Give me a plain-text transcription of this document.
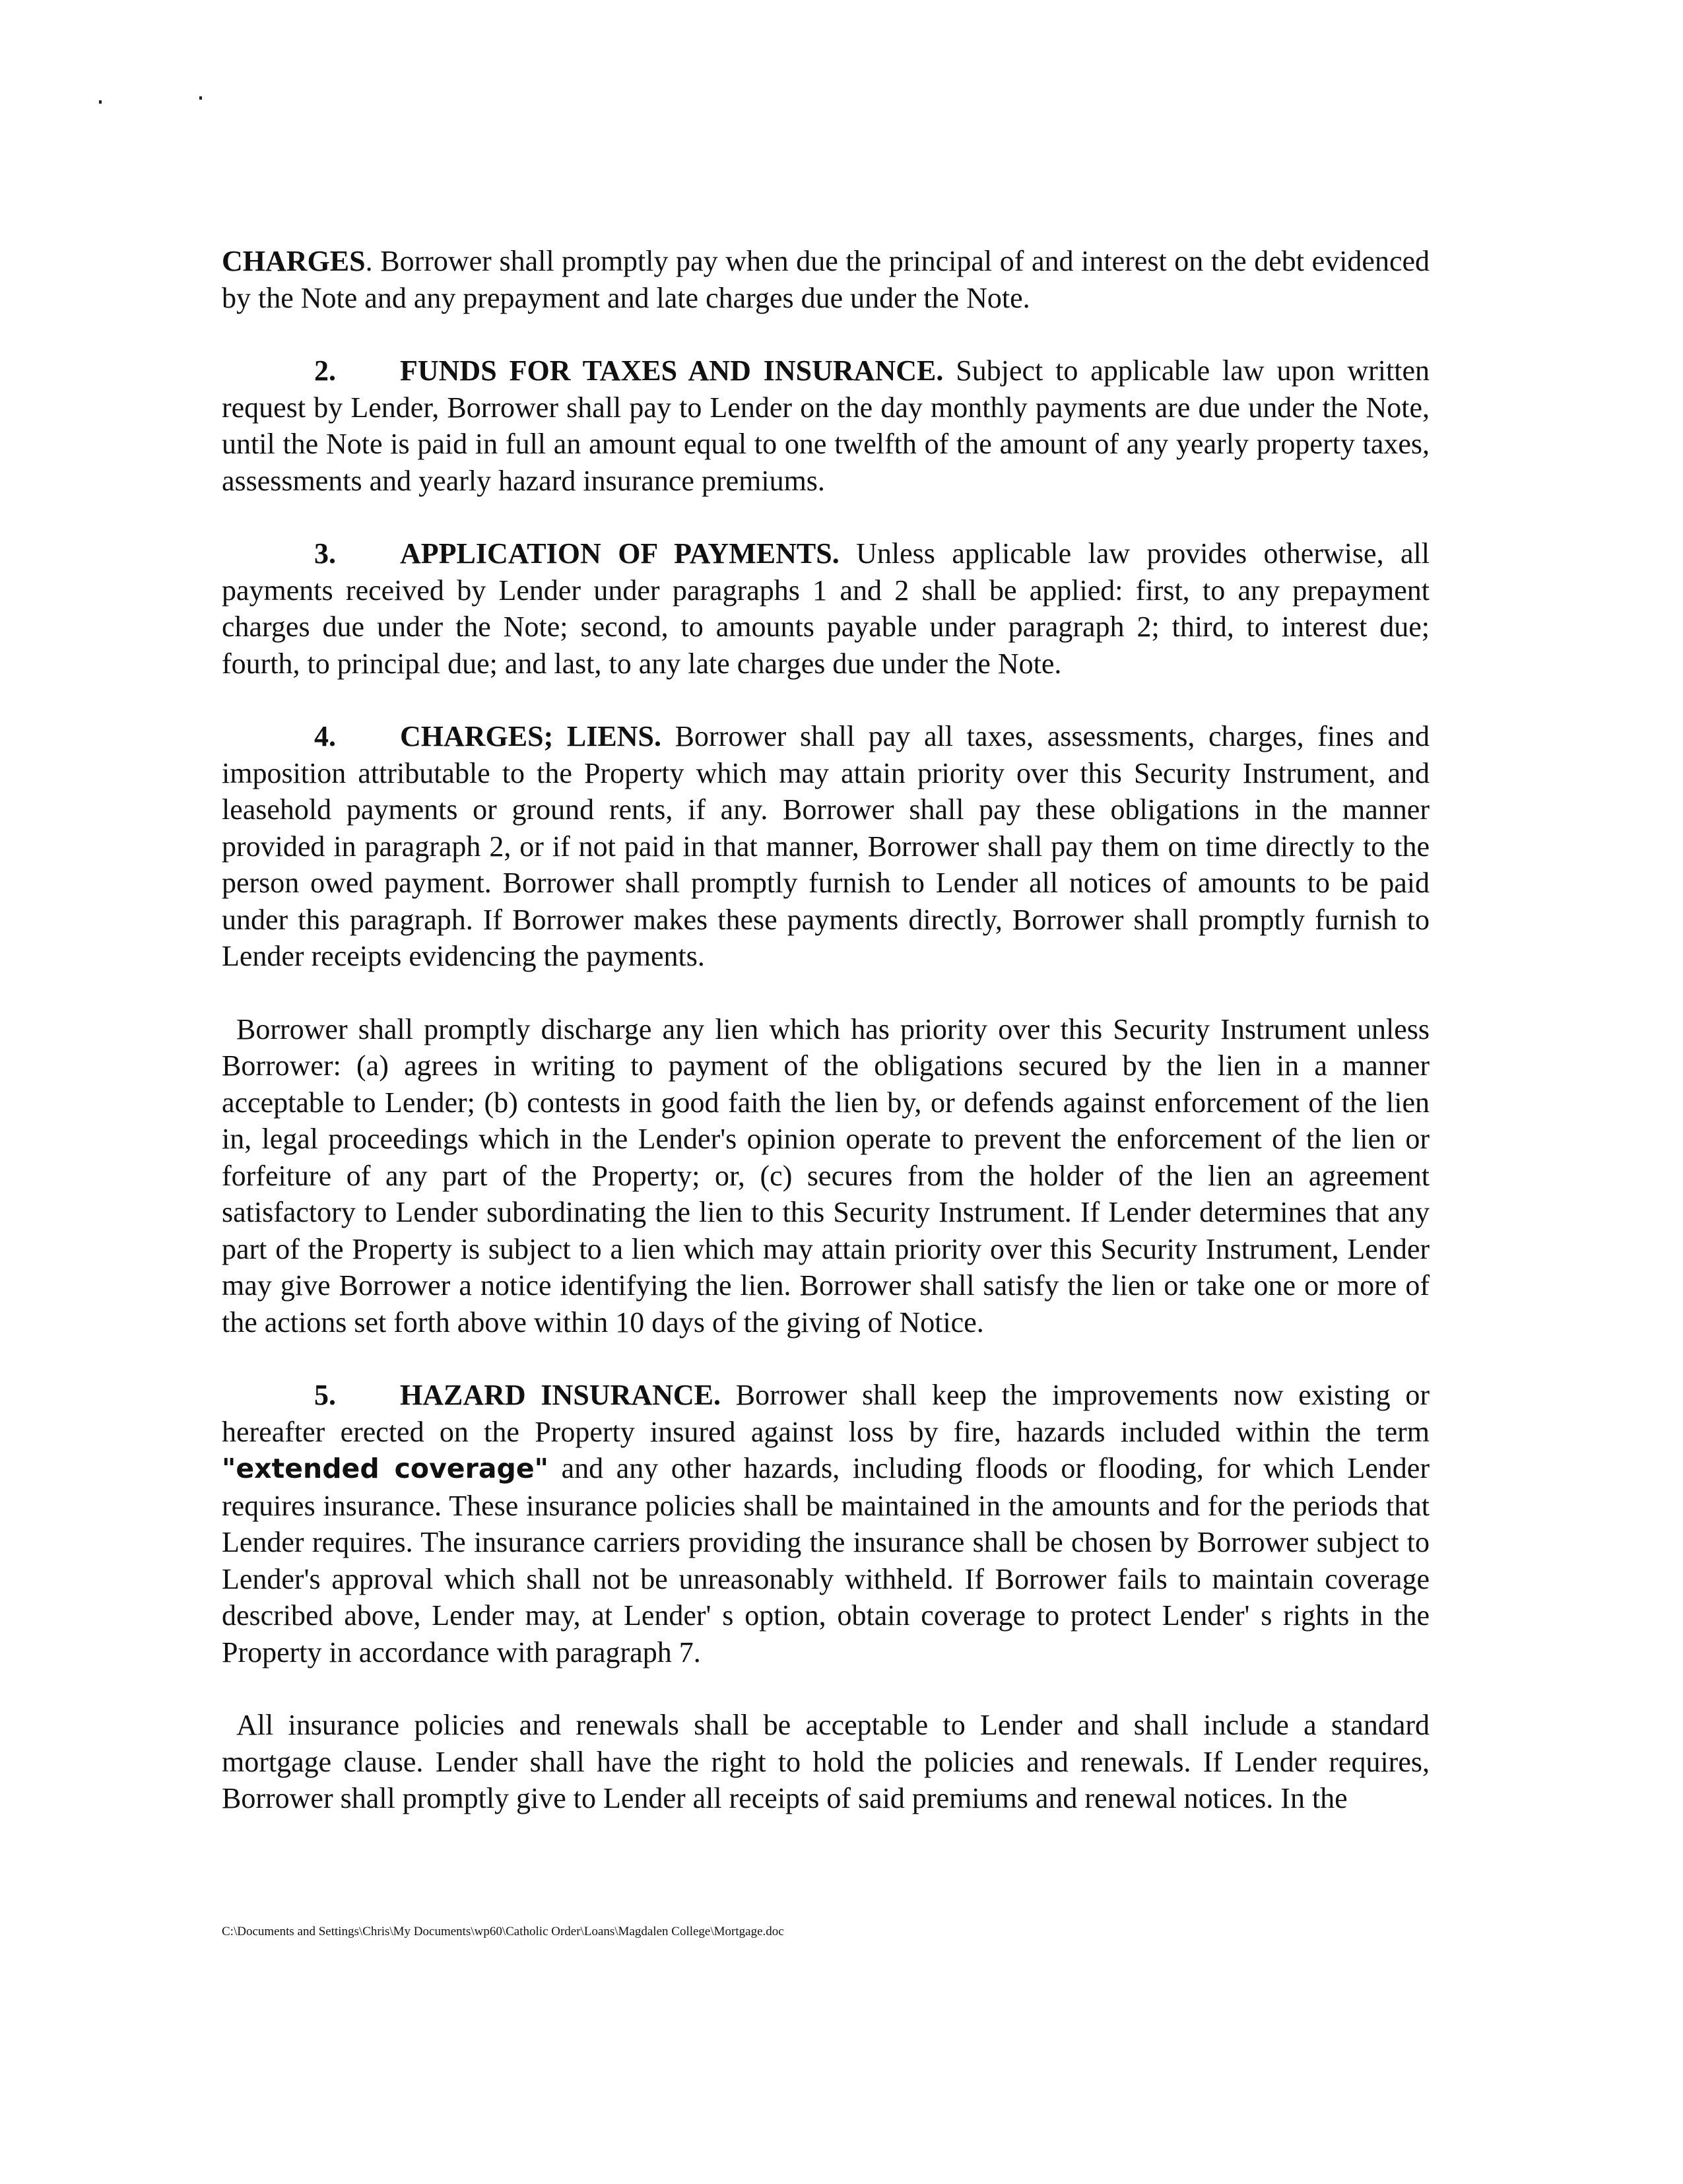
CHARGES. Borrower shall promptly pay when due the principal of and interest on the debt evidenced by the Note and any prepayment and late charges due under the Note.

2. FUNDS FOR TAXES AND INSURANCE. Subject to applicable law upon written request by Lender, Borrower shall pay to Lender on the day monthly payments are due under the Note, until the Note is paid in full an amount equal to one twelfth of the amount of any yearly property taxes, assessments and yearly hazard insurance premiums.

3. APPLICATION OF PAYMENTS. Unless applicable law provides otherwise, all payments received by Lender under paragraphs 1 and 2 shall be applied: first, to any prepayment charges due under the Note; second, to amounts payable under paragraph 2; third, to interest due; fourth, to principal due; and last, to any late charges due under the Note.

4. CHARGES; LIENS. Borrower shall pay all taxes, assessments, charges, fines and imposition attributable to the Property which may attain priority over this Security Instrument, and leasehold payments or ground rents, if any. Borrower shall pay these obligations in the manner provided in paragraph 2, or if not paid in that manner, Borrower shall pay them on time directly to the person owed payment. Borrower shall promptly furnish to Lender all notices of amounts to be paid under this paragraph. If Borrower makes these payments directly, Borrower shall promptly furnish to Lender receipts evidencing the payments.

Borrower shall promptly discharge any lien which has priority over this Security Instrument unless Borrower: (a) agrees in writing to payment of the obligations secured by the lien in a manner acceptable to Lender; (b) contests in good faith the lien by, or defends against enforcement of the lien in, legal proceedings which in the Lender's opinion operate to prevent the enforcement of the lien or forfeiture of any part of the Property; or, (c) secures from the holder of the lien an agreement satisfactory to Lender subordinating the lien to this Security Instrument. If Lender determines that any part of the Property is subject to a lien which may attain priority over this Security Instrument, Lender may give Borrower a notice identifying the lien. Borrower shall satisfy the lien or take one or more of the actions set forth above within 10 days of the giving of Notice.

5. HAZARD INSURANCE. Borrower shall keep the improvements now existing or hereafter erected on the Property insured against loss by fire, hazards included within the term "extended coverage" and any other hazards, including floods or flooding, for which Lender requires insurance. These insurance policies shall be maintained in the amounts and for the periods that Lender requires. The insurance carriers providing the insurance shall be chosen by Borrower subject to Lender's approval which shall not be unreasonably withheld. If Borrower fails to maintain coverage described above, Lender may, at Lender' s option, obtain coverage to protect Lender' s rights in the Property in accordance with paragraph 7.

All insurance policies and renewals shall be acceptable to Lender and shall include a standard mortgage clause. Lender shall have the right to hold the policies and renewals. If Lender requires, Borrower shall promptly give to Lender all receipts of said premiums and renewal notices. In the

C:\Documents and Settings\Chris\My Documents\wp60\Catholic Order\Loans\Magdalen College\Mortgage.doc
